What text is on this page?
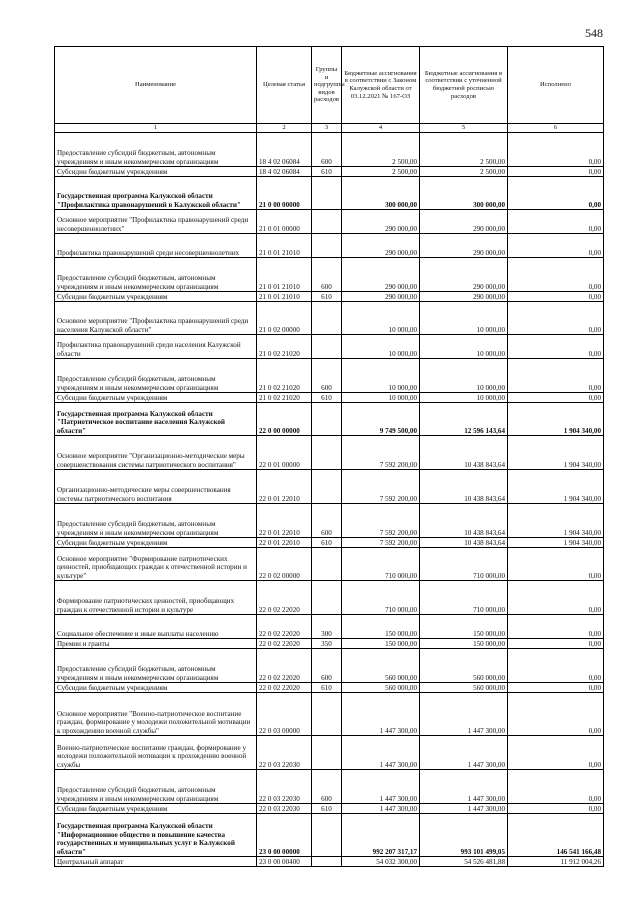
548
Наименование	Целевая статья	Группы и подгруппы видов расходов	Бюджетные ассигнования в соответствии с Законом Калужской области от 03.12.2021 № 167-ОЗ	Бюджетные ассигнования в соответствии с уточненной бюджетной росписью расходов	Исполнено
1	2	3	4	5	6
Предоставление субсидий бюджетным, автономным учреждениям и иным некоммерческим организациям	18 4 02 06084	600	2 500,00	2 500,00	0,00
Субсидии бюджетным учреждениям	18 4 02 06084	610	2 500,00	2 500,00	0,00
Государственная программа Калужской области "Профилактика правонарушений в Калужской области"	21 0 00 00000		300 000,00	300 000,00	0,00
Основное мероприятие "Профилактика правонарушений среди несовершеннолетних"	21 0 01 00000		290 000,00	290 000,00	0,00
Профилактика правонарушений среди несовершеннолетних	21 0 01 21010		290 000,00	290 000,00	0,00
Предоставление субсидий бюджетным, автономным учреждениям и иным некоммерческим организациям	21 0 01 21010	600	290 000,00	290 000,00	0,00
Субсидии бюджетным учреждениям	21 0 01 21010	610	290 000,00	290 000,00	0,00
Основное мероприятие "Профилактика правонарушений среди населения Калужской области"	21 0 02 00000		10 000,00	10 000,00	0,00
Профилактика правонарушений среди населения Калужской области	21 0 02 21020		10 000,00	10 000,00	0,00
Предоставление субсидий бюджетным, автономным учреждениям и иным некоммерческим организациям	21 0 02 21020	600	10 000,00	10 000,00	0,00
Субсидии бюджетным учреждениям	21 0 02 21020	610	10 000,00	10 000,00	0,00
Государственная программа Калужской области "Патриотическое воспитание населения Калужской области"	22 0 00 00000		9 749 500,00	12 596 143,64	1 904 340,00
Основное мероприятие "Организационно-методические меры совершенствования системы патриотического воспитания"	22 0 01 00000		7 592 200,00	10 438 843,64	1 904 340,00
Организационно-методические меры совершенствования системы патриотического воспитания	22 0 01 22010		7 592 200,00	10 438 843,64	1 904 340,00
Предоставление субсидий бюджетным, автономным учреждениям и иным некоммерческим организациям	22 0 01 22010	600	7 592 200,00	10 438 843,64	1 904 340,00
Субсидии бюджетным учреждениям	22 0 01 22010	610	7 592 200,00	10 438 843,64	1 904 340,00
Основное мероприятие "Формирование патриотических ценностей, приобщающих граждан к отечественной истории и культуре"	22 0 02 00000		710 000,00	710 000,00	0,00
Формирование патриотических ценностей, приобщающих граждан к отечественной истории и культуре	22 0 02 22020		710 000,00	710 000,00	0,00
Социальное обеспечение и иные выплаты населению	22 0 02 22020	300	150 000,00	150 000,00	0,00
Премии и гранты	22 0 02 22020	350	150 000,00	150 000,00	0,00
Предоставление субсидий бюджетным, автономным учреждениям и иным некоммерческим организациям	22 0 02 22020	600	560 000,00	560 000,00	0,00
Субсидии бюджетным учреждениям	22 0 02 22020	610	560 000,00	560 000,00	0,00
Основное мероприятие "Военно-патриотическое воспитание граждан, формирование у молодежи положительной мотивации к прохождению военной службы"	22 0 03 00000		1 447 300,00	1 447 300,00	0,00
Военно-патриотическое воспитание граждан, формирование у молодежи положительной мотивации к прохождению военной службы	22 0 03 22030		1 447 300,00	1 447 300,00	0,00
Предоставление субсидий бюджетным, автономным учреждениям и иным некоммерческим организациям	22 0 03 22030	600	1 447 300,00	1 447 300,00	0,00
Субсидии бюджетным учреждениям	22 0 03 22030	610	1 447 300,00	1 447 300,00	0,00
Государственная программа Калужской области "Информационное общество и повышение качества государственных и муниципальных услуг в Калужской области"	23 0 00 00000		992 207 317,17	993 101 499,05	146 541 166,48
Центральный аппарат	23 0 00 00400		54 032 300,00	54 526 481,88	11 912 004,26
